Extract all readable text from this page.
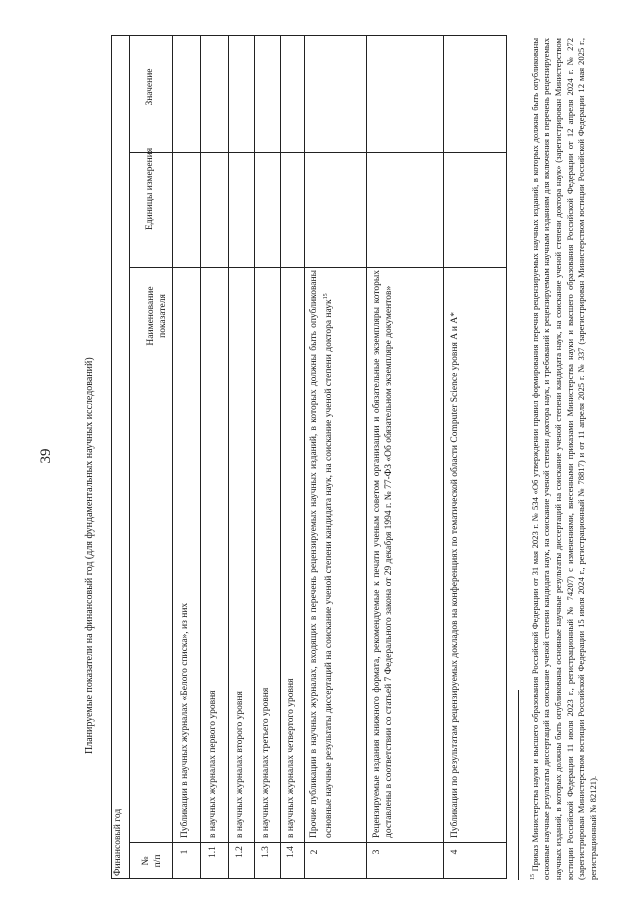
39	Планируемые показатели на финансовый год (для фундаментальных научных исследований)
Финансовый год №
п/п
Наименование показателя
Единицы измерения
Значение
1
Публикации в научных журналах «Белого списка», из них
1.1
в научных журналах первого уровня
1.2
в научных журналах второго уровня
1.3
в научных журналах третьего уровня
1.4
в научных журналах четвертого уровня
2
Прочие публикации в научных журналах, входящих в перечень рецензируемых научных изданий, в которых должны быть опубликованы основные научные результаты диссертаций на соискание ученой степени кандидата наук, на соискание ученой степени доктора наук$^{15}$
3
Рецензируемые издания книжного формата, рекомендуемые к печати ученым советом организации и обязательные экземпляры которых доставлены в соответствии со статьей 7 Федерального закона от 29 декабря 1994 г. № 77-ФЗ «Об обязательном экземпляре документов»
4
Публикации по результатам рецензируемых докладов на конференциях по тематической области Computer Science уровня A и A*
$^{15}$ Приказ Министерства науки и высшего образования Российской Федерации от 31 мая 2023 г. № 534 «Об утверждении правил формирования перечня рецензируемых научных изданий, в которых должны быть опубликованы основные научные результаты диссертаций на соискание ученой степени кандидата наук, на соискание ученой степени доктора наук, и требований к рецензируемым научным изданиям для включения в перечень рецензируемых научных изданий, в которых должны быть опубликованы основные научные результаты диссертаций на соискание ученой степени кандидата наук, на соискание ученой степени доктора наук» (зарегистрирован Министерством юстиции Российской Федерации 11 июля 2023 г., регистрационный № 74207) с изменениями, внесенными приказами Министерства науки и высшего образования Российской Федерации от 12 апреля 2024 г. № 272 (зарегистрирован Министерством юстиции Российской Федерации 15 июля 2024 г., регистрационный № 78817) и от 11 апреля 2025 г. № 337 (зарегистрирован Министерством юстиции Российской Федерации 12 мая 2025 г., регистрационный № 82121).
